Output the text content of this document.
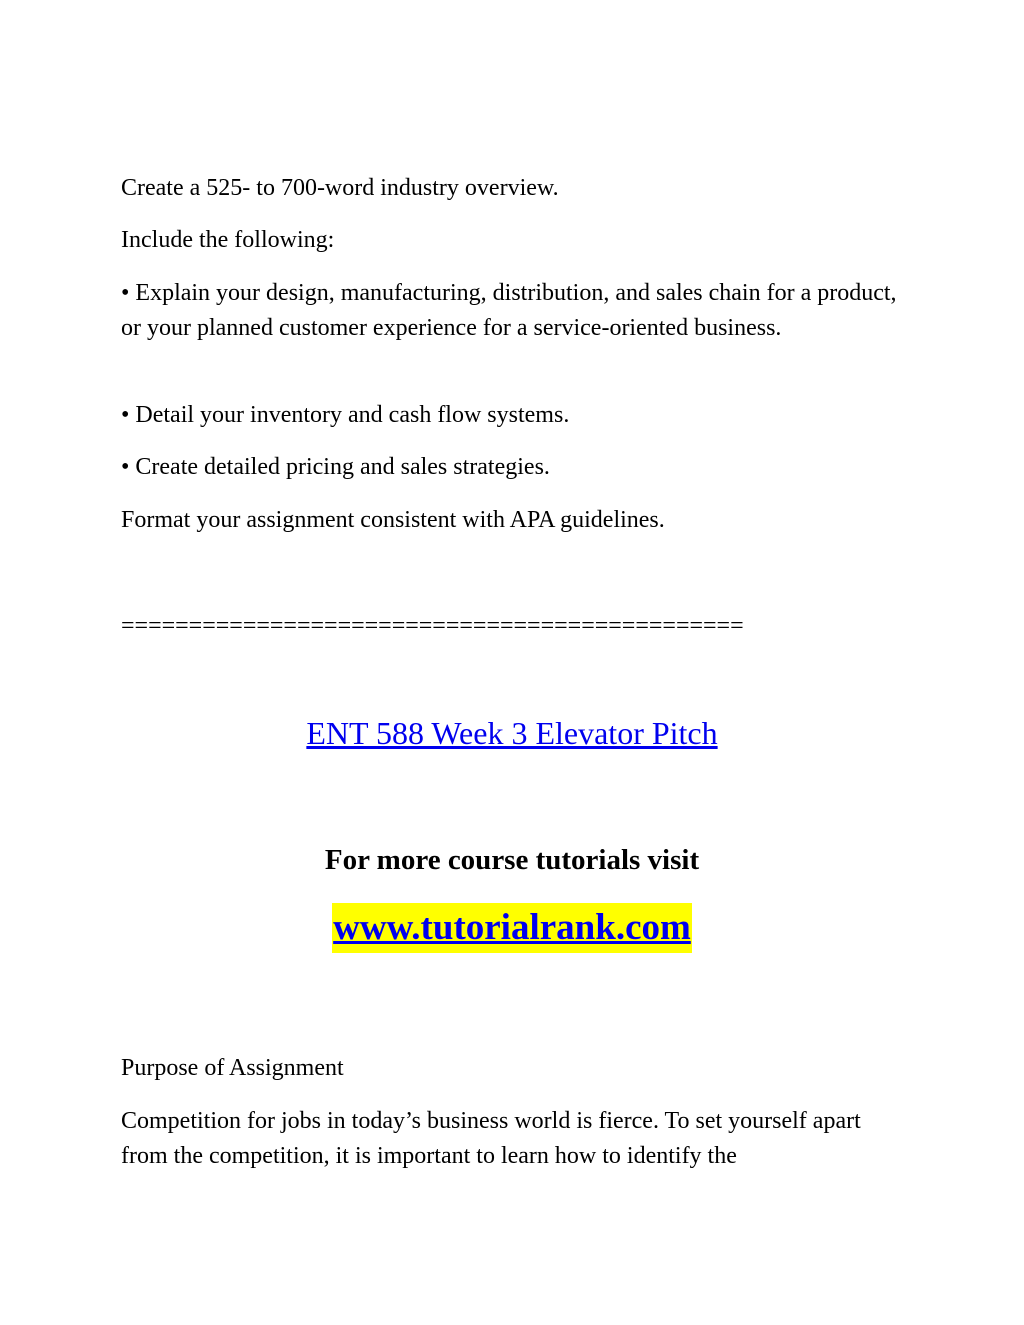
Create a 525- to 700-word industry overview.

Include the following:

• Explain your design, manufacturing, distribution, and sales chain for a product, or your planned customer experience for a service-oriented business.

• Detail your inventory and cash flow systems.

• Create detailed pricing and sales strategies.

Format your assignment consistent with APA guidelines.

==============================================

ENT 588 Week 3 Elevator Pitch
For more course tutorials visit
www.tutorialrank.com

Purpose of Assignment

Competition for jobs in today’s business world is fierce. To set yourself apart from the competition, it is important to learn how to identify the
